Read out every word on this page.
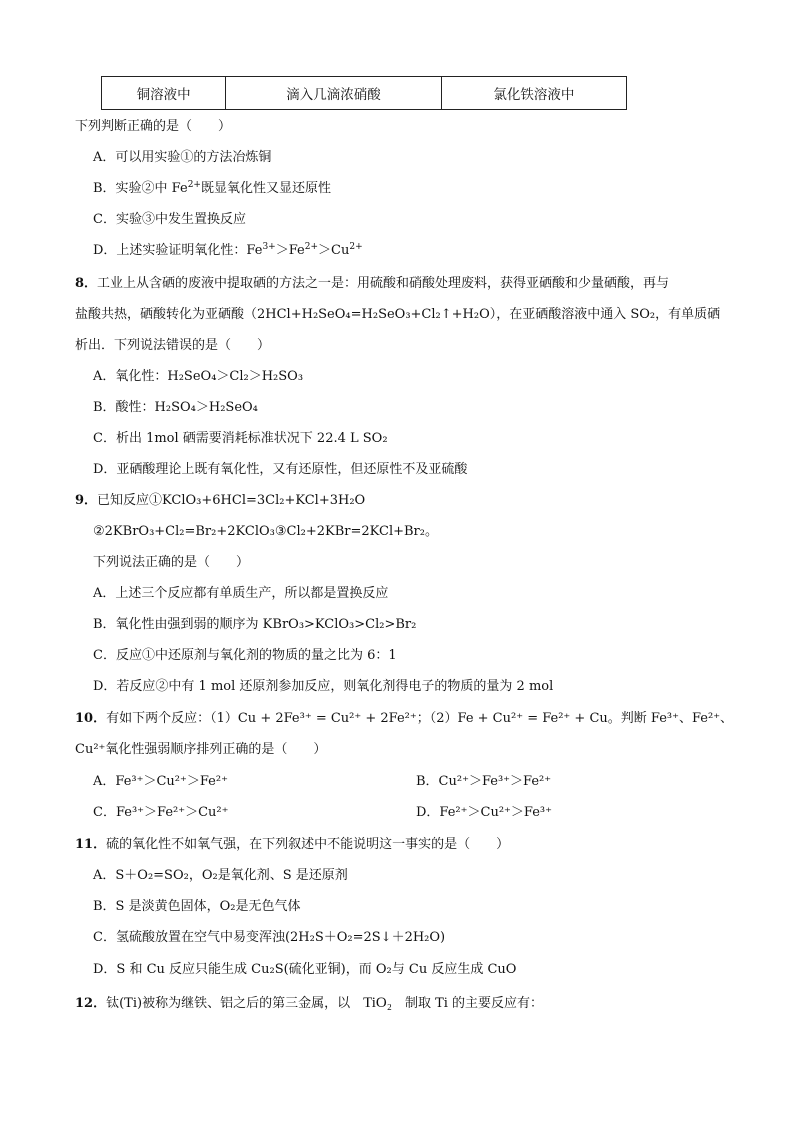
铜溶液中	滴入几滴浓硝酸	氯化铁溶液中
下列判断正确的是（　　）
A．可以用实验①的方法冶炼铜
B．实验②中 $Fe^{2+}$既显氧化性又显还原性
C．实验③中发生置换反应
D．上述实验证明氧化性：$Fe^{3+}>Fe^{2+}>Cu^{2+}$
8．工业上从含硒的废液中提取硒的方法之一是：用硫酸和硝酸处理废料，获得亚硒酸和少量硒酸，再与
盐酸共热，硒酸转化为亚硒酸（2HCl+H₂SeO₄=H₂SeO₃+Cl₂↑+H₂O），在亚硒酸溶液中通入 SO₂，有单质硒
析出．下列说法错误的是（　　）
A．氧化性：H₂SeO₄＞Cl₂＞H₂SO₃
B．酸性：H₂SO₄＞H₂SeO₄
C．析出 1mol 硒需要消耗标准状况下 22.4 L SO₂
D．亚硒酸理论上既有氧化性，又有还原性，但还原性不及亚硫酸
9．已知反应①KClO₃+6HCl=3Cl₂+KCl+3H₂O
②2KBrO₃+Cl₂=Br₂+2KClO₃③Cl₂+2KBr=2KCl+Br₂。
下列说法正确的是（　　）
A．上述三个反应都有单质生产，所以都是置换反应
B．氧化性由强到弱的顺序为 KBrO₃>KClO₃>Cl₂>Br₂
C．反应①中还原剂与氧化剂的物质的量之比为 6：1
D．若反应②中有 1 mol 还原剂参加反应，则氧化剂得电子的物质的量为 2 mol
10．有如下两个反应：（1）Cu + 2Fe³⁺ = Cu²⁺ + 2Fe²⁺；（2）Fe + Cu²⁺ = Fe²⁺ + Cu。判断 Fe³⁺、Fe²⁺、
Cu²⁺氧化性强弱顺序排列正确的是（　　）
A．Fe³⁺＞Cu²⁺＞Fe²⁺	B．Cu²⁺＞Fe³⁺＞Fe²⁺
C．Fe³⁺＞Fe²⁺＞Cu²⁺	D．Fe²⁺＞Cu²⁺＞Fe³⁺
11．硫的氧化性不如氧气强，在下列叙述中不能说明这一事实的是（　　）
A．S＋O₂=SO₂，O₂是氧化剂、S 是还原剂
B．S 是淡黄色固体，O₂是无色气体
C．氢硫酸放置在空气中易变浑浊(2H₂S＋O₂=2S↓＋2H₂O)
D．S 和 Cu 反应只能生成 Cu₂S(硫化亚铜)，而 O₂与 Cu 反应生成 CuO
12．钛(Ti)被称为继铁、铝之后的第三金属，以　TiO₂　制取 Ti 的主要反应有：
